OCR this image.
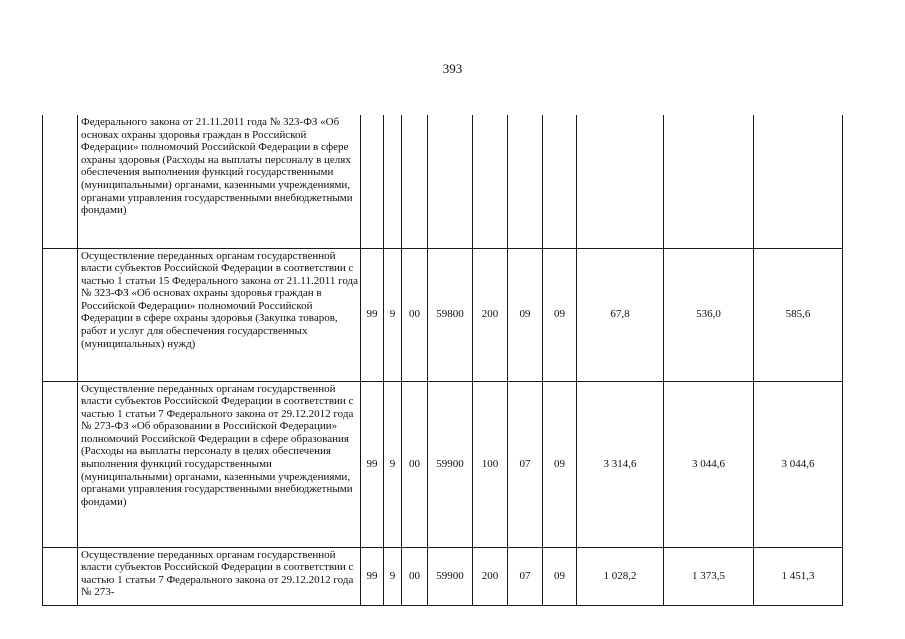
393
	Федерального закона от 21.11.2011 года № 323-ФЗ «Об основах охраны здоровья граждан в Российской Федерации» полномочий Российской Федерации в сфере охраны здоровья (Расходы на выплаты персоналу в целях обеспечения выполнения функций государственными (муниципальными) органами, казенными учреждениями, органами управления государственными внебюджетными фондами)										
	Осуществление переданных органам государственной власти субъектов Российской Федерации в соответствии с частью 1 статьи 15 Федерального закона от 21.11.2011 года № 323-ФЗ «Об основах охраны здоровья граждан в Российской Федерации» полномочий Российской Федерации в сфере охраны здоровья (Закупка товаров, работ и услуг для обеспечения государственных (муниципальных) нужд)	99	9	00	59800	200	09	09	67,8	536,0	585,6
	Осуществление переданных органам государственной власти субъектов Российской Федерации в соответствии с частью 1 статьи 7 Федерального закона от 29.12.2012 года № 273-ФЗ «Об образовании в Российской Федерации» полномочий Российской Федерации в сфере образования (Расходы на выплаты персоналу в целях обеспечения выполнения функций государственными (муниципальными) органами, казенными учреждениями, органами управления государственными внебюджетными фондами)	99	9	00	59900	100	07	09	3 314,6	3 044,6	3 044,6
	Осуществление переданных органам государственной власти субъектов Российской Федерации в соответствии с частью 1 статьи 7 Федерального закона от 29.12.2012 года № 273-	99	9	00	59900	200	07	09	1 028,2	1 373,5	1 451,3
